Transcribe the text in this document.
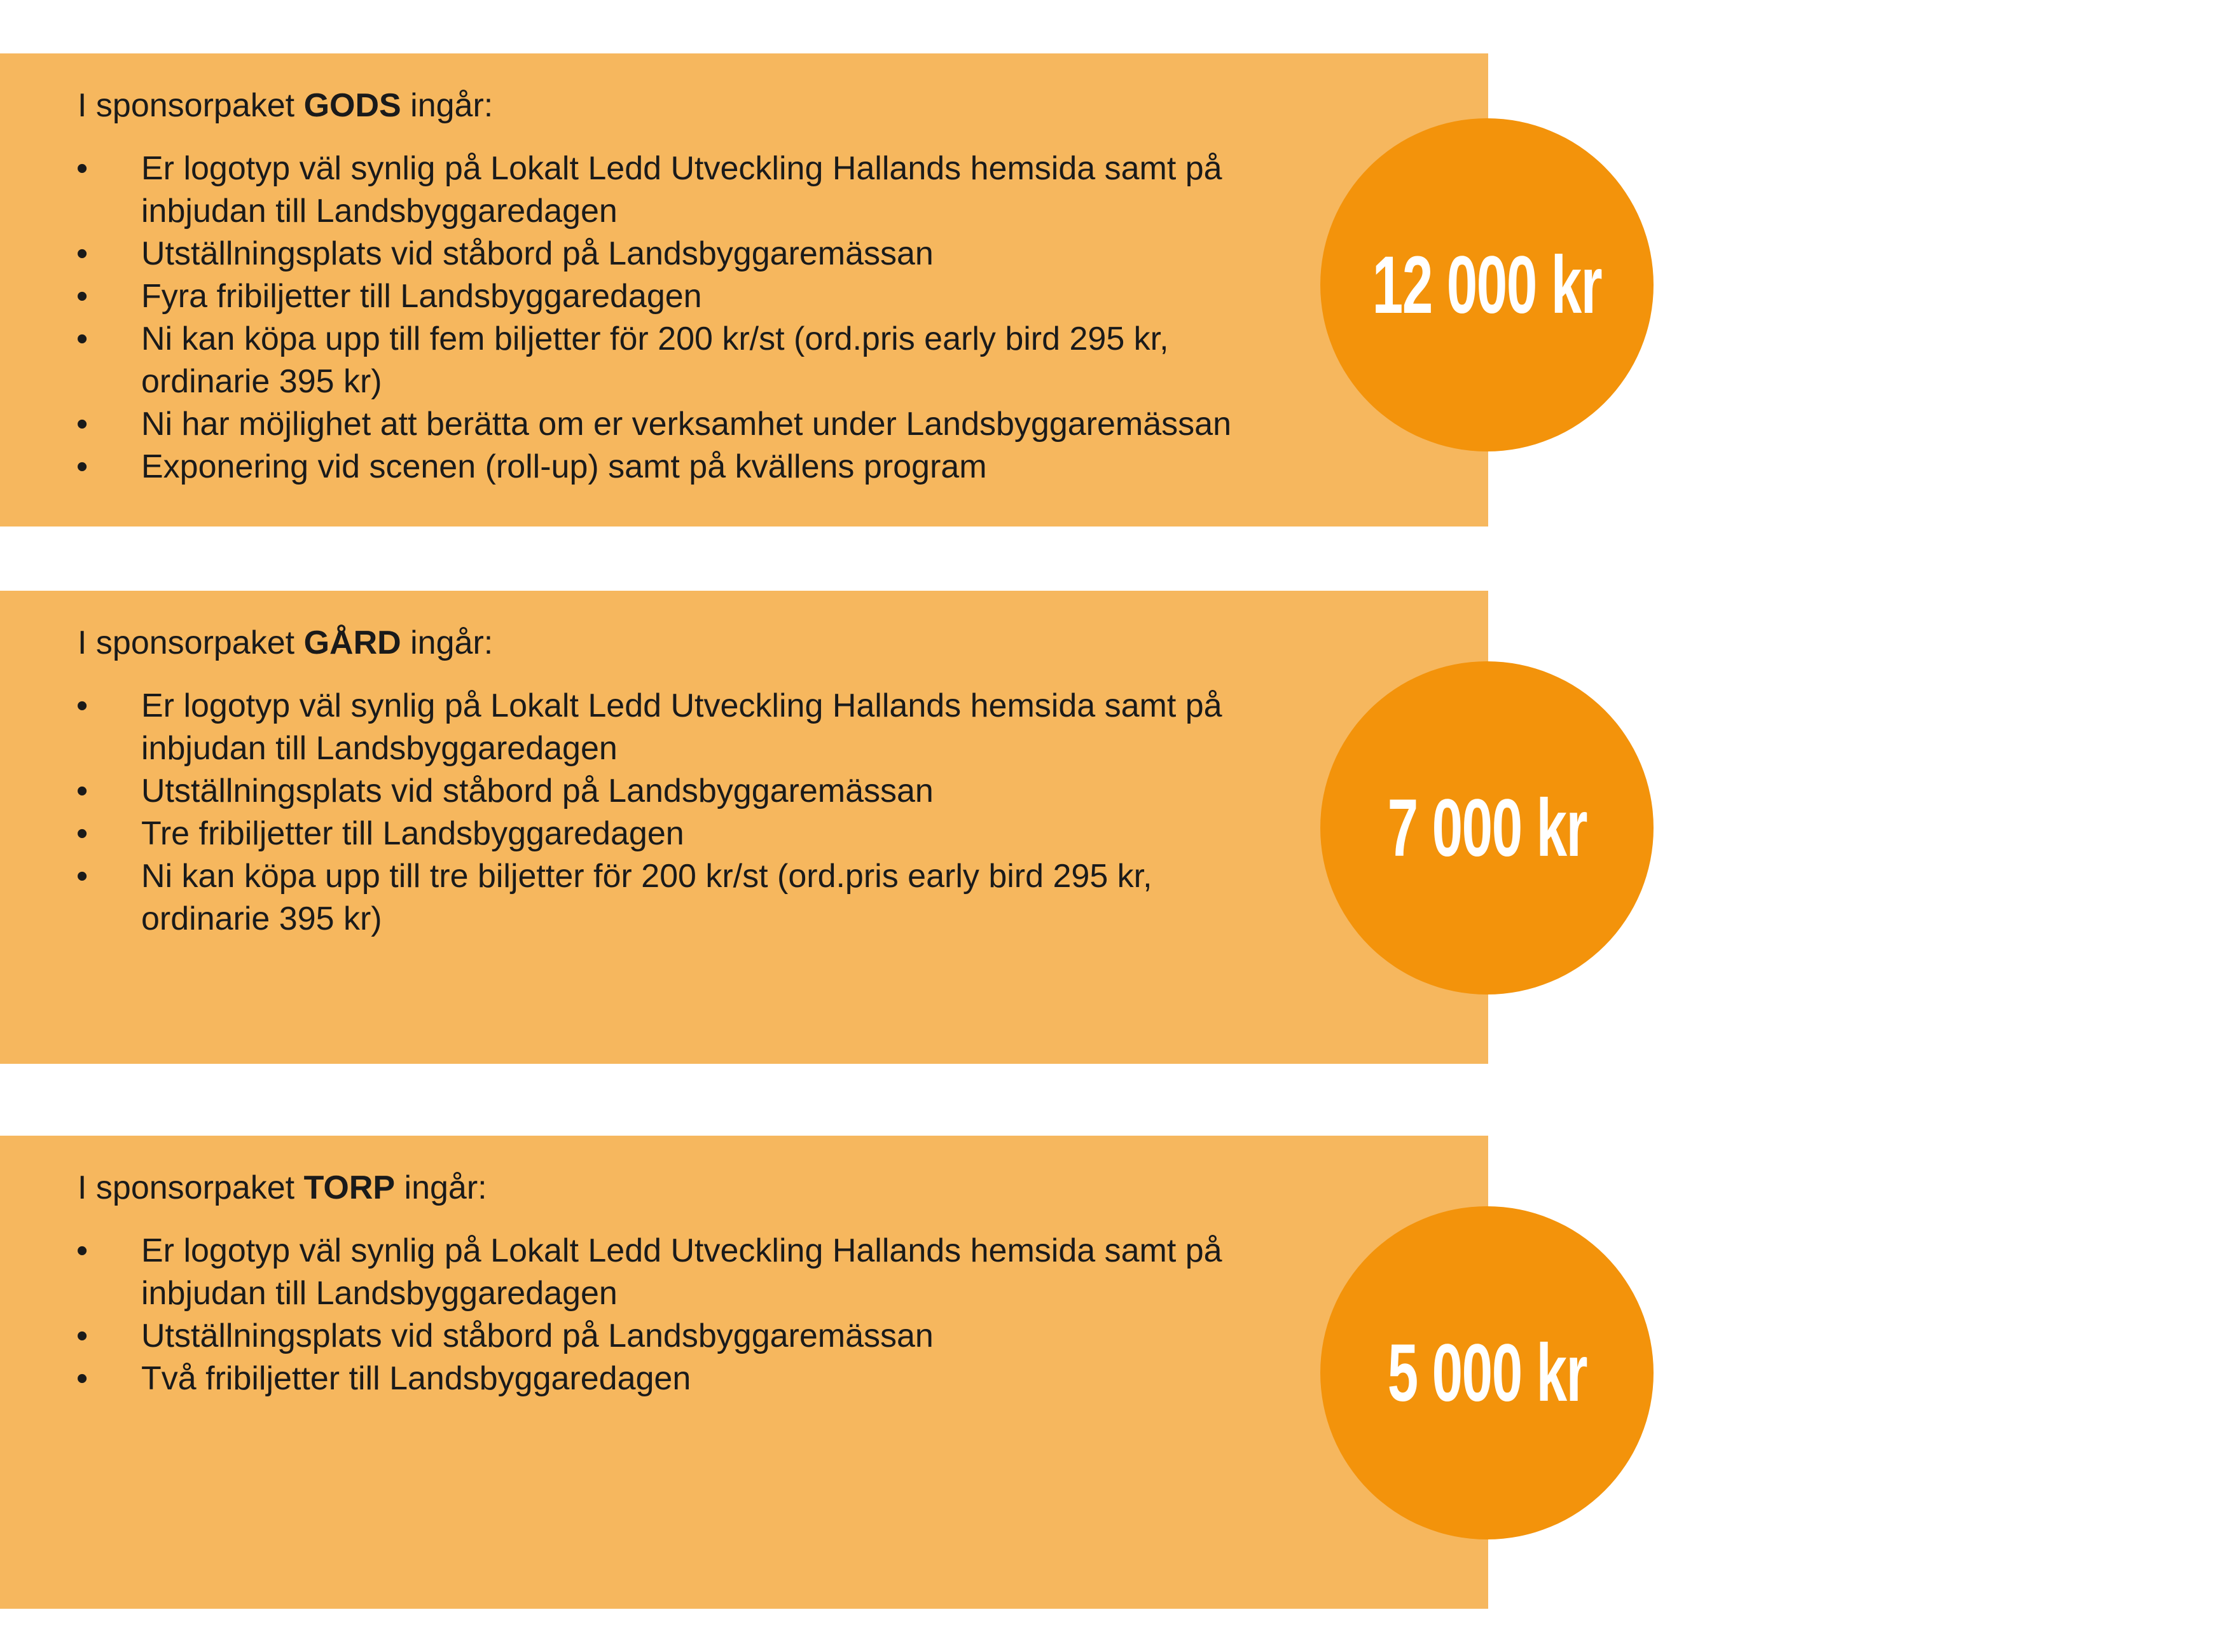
I sponsorpaket GODS ingår:
• Er logotyp väl synlig på Lokalt Ledd Utveckling Hallands hemsida samt på inbjudan till Landsbyggaredagen
• Utställningsplats vid ståbord på Landsbyggaremässan
• Fyra fribiljetter till Landsbyggaredagen
• Ni kan köpa upp till fem biljetter för 200 kr/st (ord.pris early bird 295 kr, ordinarie 395 kr)
• Ni har möjlighet att berätta om er verksamhet under Landsbyggaremässan
• Exponering vid scenen (roll-up) samt på kvällens program
12 000 kr
I sponsorpaket GÅRD ingår:
• Er logotyp väl synlig på Lokalt Ledd Utveckling Hallands hemsida samt på inbjudan till Landsbyggaredagen
• Utställningsplats vid ståbord på Landsbyggaremässan
• Tre fribiljetter till Landsbyggaredagen
• Ni kan köpa upp till tre biljetter för 200 kr/st (ord.pris early bird 295 kr, ordinarie 395 kr)
7 000 kr
I sponsorpaket TORP ingår:
• Er logotyp väl synlig på Lokalt Ledd Utveckling Hallands hemsida samt på inbjudan till Landsbyggaredagen
• Utställningsplats vid ståbord på Landsbyggaremässan
• Två fribiljetter till Landsbyggaredagen	5 000 kr
